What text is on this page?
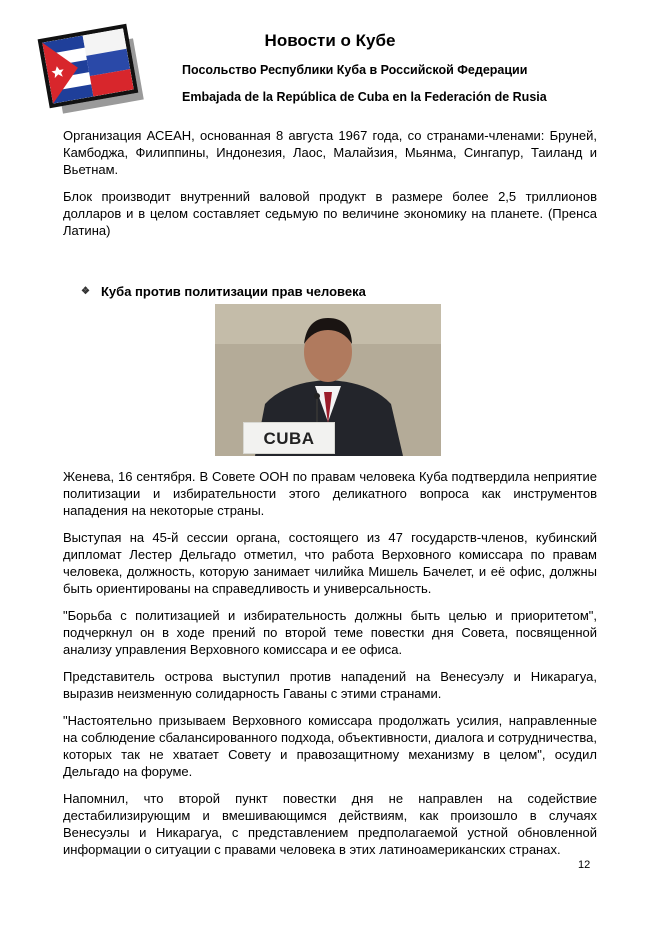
Новости о Кубе
Посольство Республики Куба в Российской Федерации
Embajada de la República de Cuba en la Federación de Rusia

Организация АСЕАН, основанная 8 августа 1967 года, со странами-членами: Бруней, Камбоджа, Филиппины, Индонезия, Лаос, Малайзия, Мьянма, Сингапур, Таиланд и Вьетнам.

Блок производит внутренний валовой продукт в размере более 2,5 триллионов долларов и в целом составляет седьмую по величине экономику на планете. (Пренса Латина)

❖ Куба против политизации прав человека
CUBA

Женева, 16 сентября. В Совете ООН по правам человека Куба подтвердила неприятие политизации и избирательности этого деликатного вопроса как инструментов нападения на некоторые страны.

Выступая на 45-й сессии органа, состоящего из 47 государств-членов, кубинский дипломат Лестер Дельгадо отметил, что работа Верховного комиссара по правам человека, должность, которую занимает чилийка Мишель Бачелет, и её офис, должны быть ориентированы на справедливость и универсальность.

"Борьба с политизацией и избирательность должны быть целью и приоритетом", подчеркнул он в ходе прений по второй теме повестки дня Совета, посвященной анализу управления Верховного комиссара и ее офиса.

Представитель острова выступил против нападений на Венесуэлу и Никарагуа, выразив неизменную солидарность Гаваны с этими странами.

"Настоятельно призываем Верховного комиссара продолжать усилия, направленные на соблюдение сбалансированного подхода, объективности, диалога и сотрудничества, которых так не хватает Совету и правозащитному механизму в целом", осудил Дельгадо на форуме.

Напомнил, что второй пункт повестки дня не направлен на содействие дестабилизирующим и вмешивающимся действиям, как произошло в случаях Венесуэлы и Никарагуа, с представлением предполагаемой устной обновленной информации о ситуации с правами человека в этих латиноамериканских странах.

12
